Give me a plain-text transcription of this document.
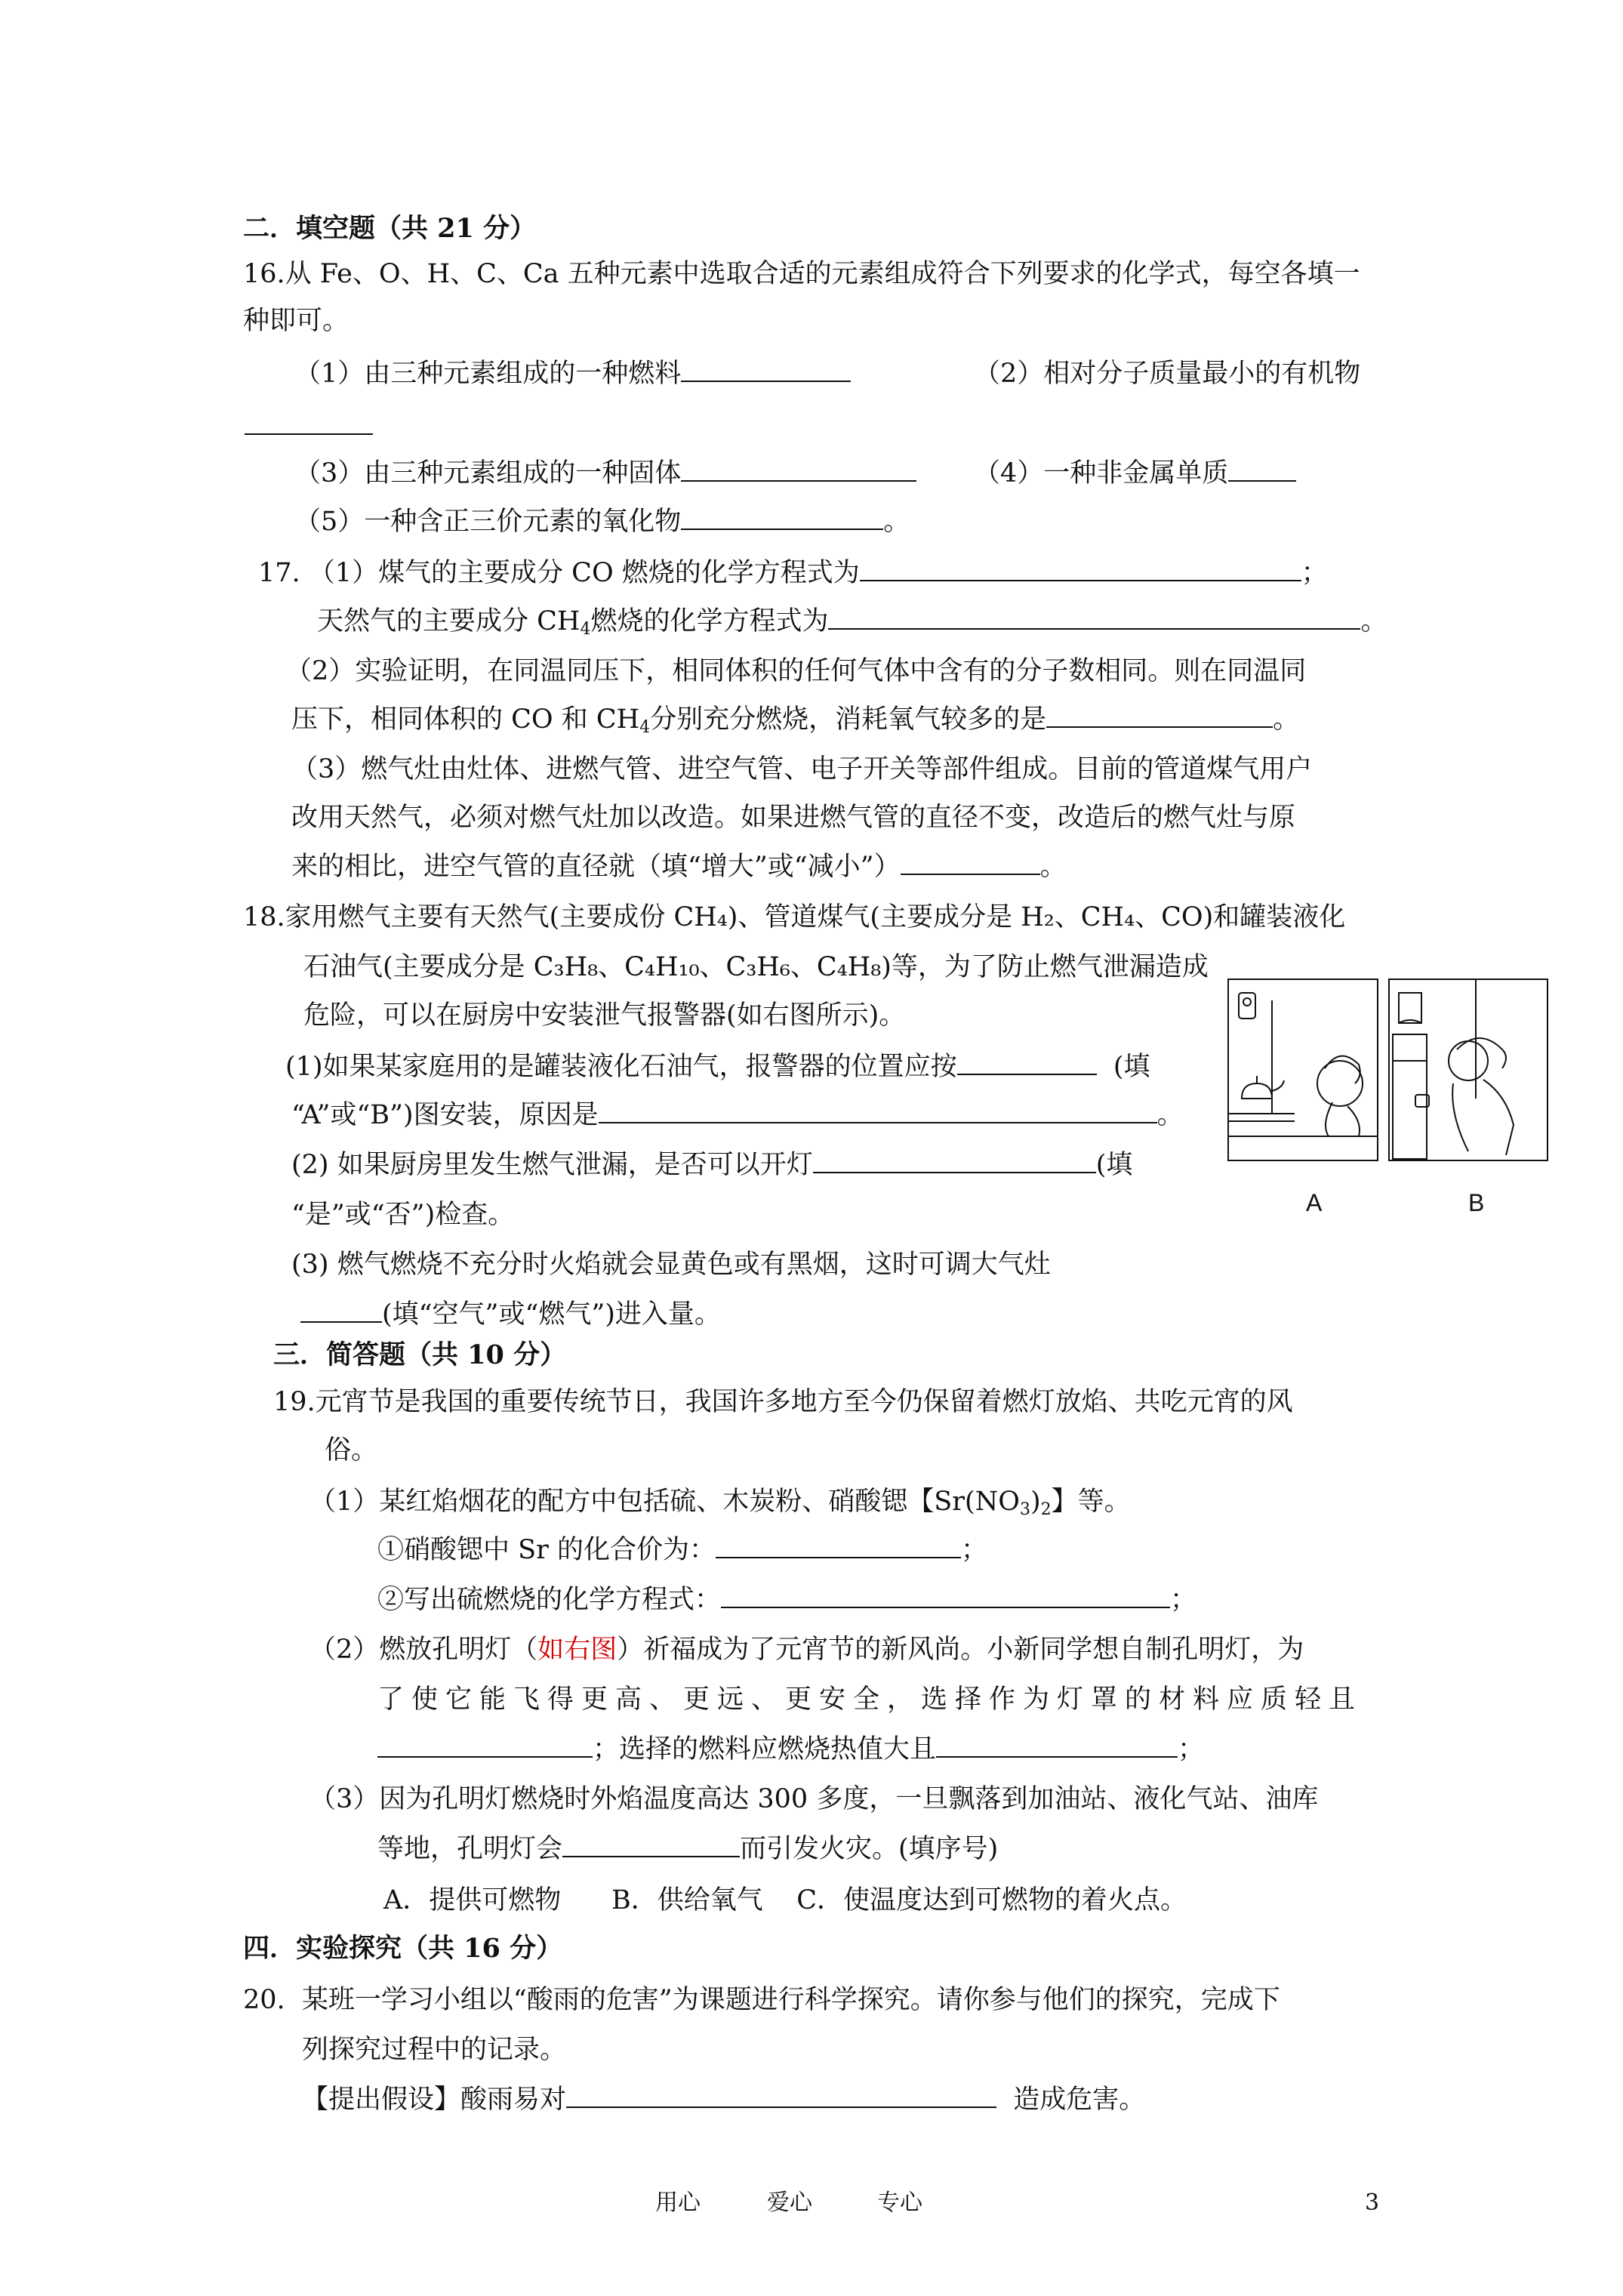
二．填空题（共 21 分）
16.从 Fe、O、H、C、Ca 五种元素中选取合适的元素组成符合下列要求的化学式，每空各填一
种即可。
（1）由三种元素组成的一种燃料	（2）相对分子质量最小的有机物
（3）由三种元素组成的一种固体	（4）一种非金属单质
（5）一种含正三价元素的氧化物	。
17. （1）煤气的主要成分 CO 燃烧的化学方程式为	；
天然气的主要成分 $CH_4$燃烧的化学方程式为	。
（2）实验证明，在同温同压下，相同体积的任何气体中含有的分子数相同。则在同温同
压下，相同体积的 CO 和 $CH_4$分别充分燃烧，消耗氧气较多的是	。
（3）燃气灶由灶体、进燃气管、进空气管、电子开关等部件组成。目前的管道煤气用户
改用天然气，必须对燃气灶加以改造。如果进燃气管的直径不变，改造后的燃气灶与原
来的相比，进空气管的直径就（填“增大”或“减小”）	。
18.家用燃气主要有天然气(主要成份 CH₄)、管道煤气(主要成分是 H₂、CH₄、CO)和罐装液化
石油气(主要成分是 C₃H₈、C₄H₁₀、C₃H₆、C₄H₈)等，为了防止燃气泄漏造成
危险，可以在厨房中安装泄气报警器(如右图所示)。
(1)如果某家庭用的是罐装液化石油气，报警器的位置应按	(填
“A”或“B”)图安装，原因是	。
(2) 如果厨房里发生燃气泄漏，是否可以开灯	(填
“是”或“否”)检查。
(3) 燃气燃烧不充分时火焰就会显黄色或有黑烟，这时可调大气灶
(填“空气”或“燃气”)进入量。
A	B
三．简答题（共 10 分）
19.元宵节是我国的重要传统节日，我国许多地方至今仍保留着燃灯放焰、共吃元宵的风
俗。
（1）某红焰烟花的配方中包括硫、木炭粉、硝酸锶【$Sr(NO_3)_2$】等。
①硝酸锶中 Sr 的化合价为：	；
②写出硫燃烧的化学方程式：	；
（2）燃放孔明灯（如右图）祈福成为了元宵节的新风尚。小新同学想自制孔明灯，为
了使它能飞得更高、更远、更安全，选择作为灯罩的材料应质轻且
；选择的燃料应燃烧热值大且	；
（3）因为孔明灯燃烧时外焰温度高达 300 多度，一旦飘落到加油站、液化气站、油库
等地，孔明灯会	而引发火灾。(填序号)
A．提供可燃物      B．供给氧气    C．使温度达到可燃物的着火点。
四．实验探究（共 16 分）
20.  某班一学习小组以“酸雨的危害”为课题进行科学探究。请你参与他们的探究，完成下
列探究过程中的记录。
【提出假设】酸雨易对	造成危害。
用心	爱心	专心	3
